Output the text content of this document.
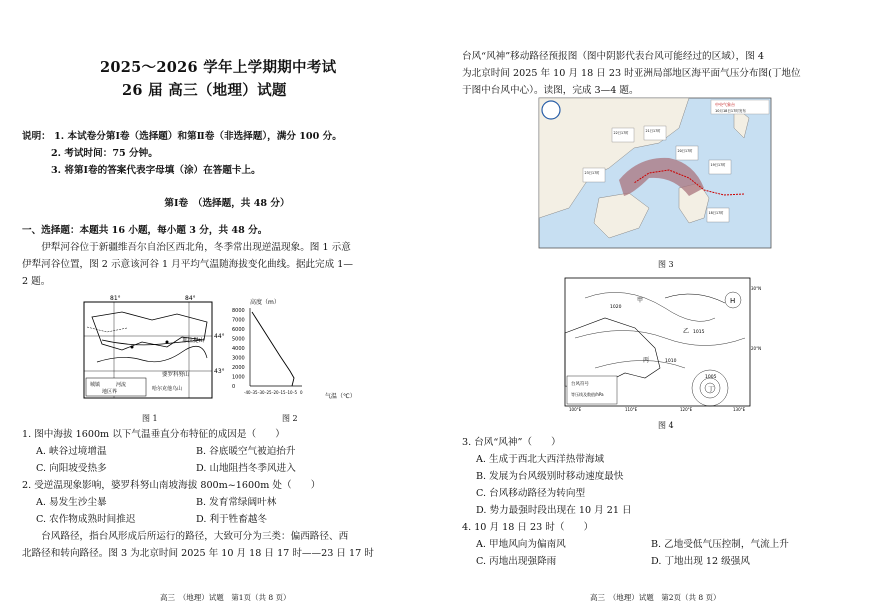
2025～2026 学年上学期期中考试
26 届 高三（地理）试题
说明： 1. 本试卷分第Ⅰ卷（选择题）和第Ⅱ卷（非选择题），满分 100 分。
2. 考试时间：75 分钟。
3. 将第Ⅰ卷的答案代表字母填（涂）在答题卡上。
第Ⅰ卷　（选择题，共 48 分）
一、选择题：本题共 16 小题，每小题 3 分，共 48 分。
伊犁河谷位于新疆维吾尔自治区西北角，冬季常出现逆温现象。图 1 示意
伊犁河谷位置，图 2 示意该河谷 1 月平均气温随海拔变化曲线。据此完成 1—
2 题。
81°	84°
44°
43°
那拉提山
婆罗科努山
哈尔克他乌山
城镇	河流
地区界
高度（m）
8000
7000
6000
5000
4000
3000
2000
1000
0
-40 -35 -30 -25 -20 -15 -10 -5 0
气温（℃）
图 1	图 2
1. 图中海拔 1600m 以下气温垂直分布特征的成因是（　　）
A. 峡谷过境增温	B. 谷底暖空气被迫抬升
C. 向阳坡受热多	D. 山地阻挡冬季风进入
2. 受逆温现象影响，婆罗科努山南坡海拔 800m~1600m 处（　　）
A. 易发生沙尘暴	B. 发育常绿阔叶林
C. 农作物成熟时间推迟	D. 利于牲畜越冬
台风路径，指台风形成后所运行的路径，大致可分为三类：偏西路径、西
北路径和转向路径。图 3 为北京时间 2025 年 10 月 18 日 17 时——23 日 17 时
高三　（地理）试题　第1页（共 8 页）
台风“风神”移动路径预报图（图中阴影代表台风可能经过的区域），图 4
为北京时间 2025 年 10 月 18 日 23 时亚洲局部地区海平面气压分布图(丁地位
于图中台风中心）。读图，完成 3—4 题。
中央气象台
10月18日17时发布
23日17时
22日17时	21日17时
20日17时
19日17时
18日17时
图 3
H
甲
乙
丙
丁
1020
1015
1010
1005
台风符号
等压线及数值/hPa
100°E	110°E	120°E	130°E
30°N
20°N
图 4
3. 台风“风神”（　　）
A. 生成于西北大西洋热带海域
B. 发展为台风级别时移动速度最快
C. 台风移动路径为转向型
D. 势力最强时段出现在 10 月 21 日
4. 10 月 18 日 23 时（　　）
A. 甲地风向为偏南风	B. 乙地受低气压控制，气流上升
C. 丙地出现强降雨	D. 丁地出现 12 级强风
高三　（地理）试题　第2页（共 8 页）
